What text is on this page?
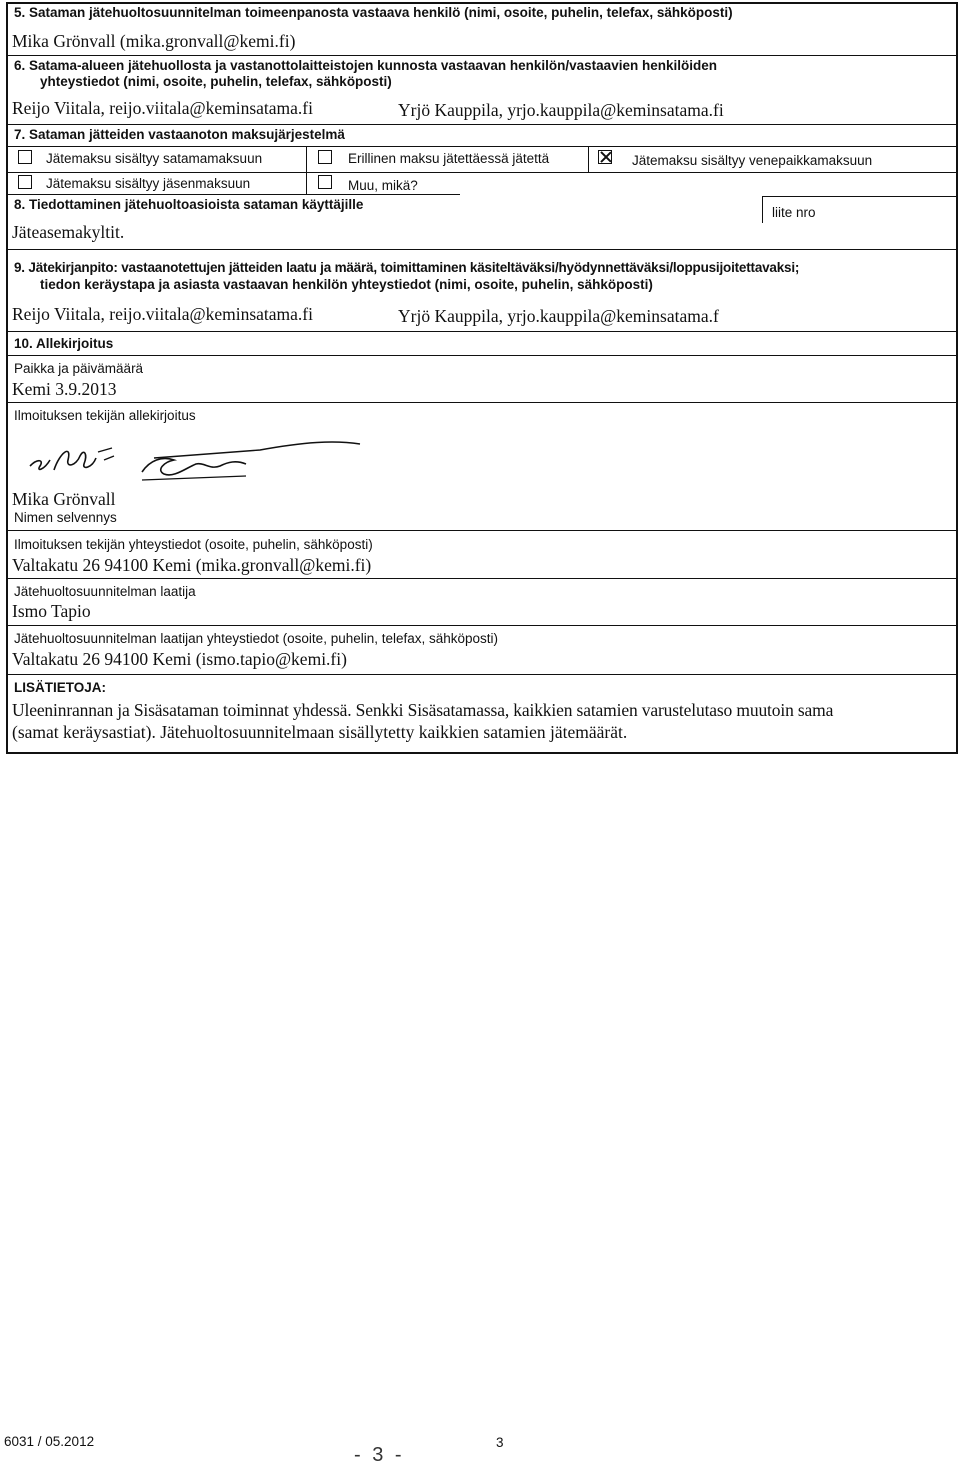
5. Sataman jätehuoltosuunnitelman toimeenpanosta vastaava henkilö (nimi, osoite, puhelin, telefax, sähköposti)
Mika Grönvall (mika.gronvall@kemi.fi)
6. Satama-alueen jätehuollosta ja vastanottolaitteistojen kunnosta vastaavan henkilön/vastaavien henkilöiden
yhteystiedot (nimi, osoite, puhelin, telefax, sähköposti)
Reijo Viitala, reijo.viitala@keminsatama.fi	Yrjö Kauppila, yrjo.kauppila@keminsatama.fi
7. Sataman jätteiden vastaanoton maksujärjestelmä
Jätemaksu sisältyy satamamaksuun	Erillinen maksu jätettäessä jätettä	Jätemaksu sisältyy venepaikkamaksuun
Jätemaksu sisältyy jäsenmaksuun	Muu, mikä?
8. Tiedottaminen jätehuoltoasioista sataman käyttäjille
liite nro
Jäteasemakyltit.
9. Jätekirjanpito: vastaanotettujen jätteiden laatu ja määrä, toimittaminen käsiteltäväksi/hyödynnettäväksi/loppusijoitettavaksi;
tiedon keräystapa ja asiasta vastaavan henkilön yhteystiedot (nimi, osoite, puhelin, sähköposti)
Reijo Viitala, reijo.viitala@keminsatama.fi	Yrjö Kauppila, yrjo.kauppila@keminsatama.f
10. Allekirjoitus
Paikka ja päivämäärä
Kemi 3.9.2013
Ilmoituksen tekijän allekirjoitus
Mika Grönvall
Nimen selvennys
Ilmoituksen tekijän yhteystiedot (osoite, puhelin, sähköposti)
Valtakatu 26 94100 Kemi (mika.gronvall@kemi.fi)
Jätehuoltosuunnitelman laatija
Ismo Tapio
Jätehuoltosuunnitelman laatijan yhteystiedot (osoite, puhelin, telefax, sähköposti)
Valtakatu 26 94100 Kemi (ismo.tapio@kemi.fi)
LISÄTIETOJA:
Uleeninrannan ja Sisäsataman toiminnat yhdessä. Senkki Sisäsatamassa, kaikkien satamien varustelutaso muutoin sama
(samat keräysastiat). Jätehuoltosuunnitelmaan sisällytetty kaikkien satamien jätemäärät.
6031 / 05.2012
- 3 -
3
